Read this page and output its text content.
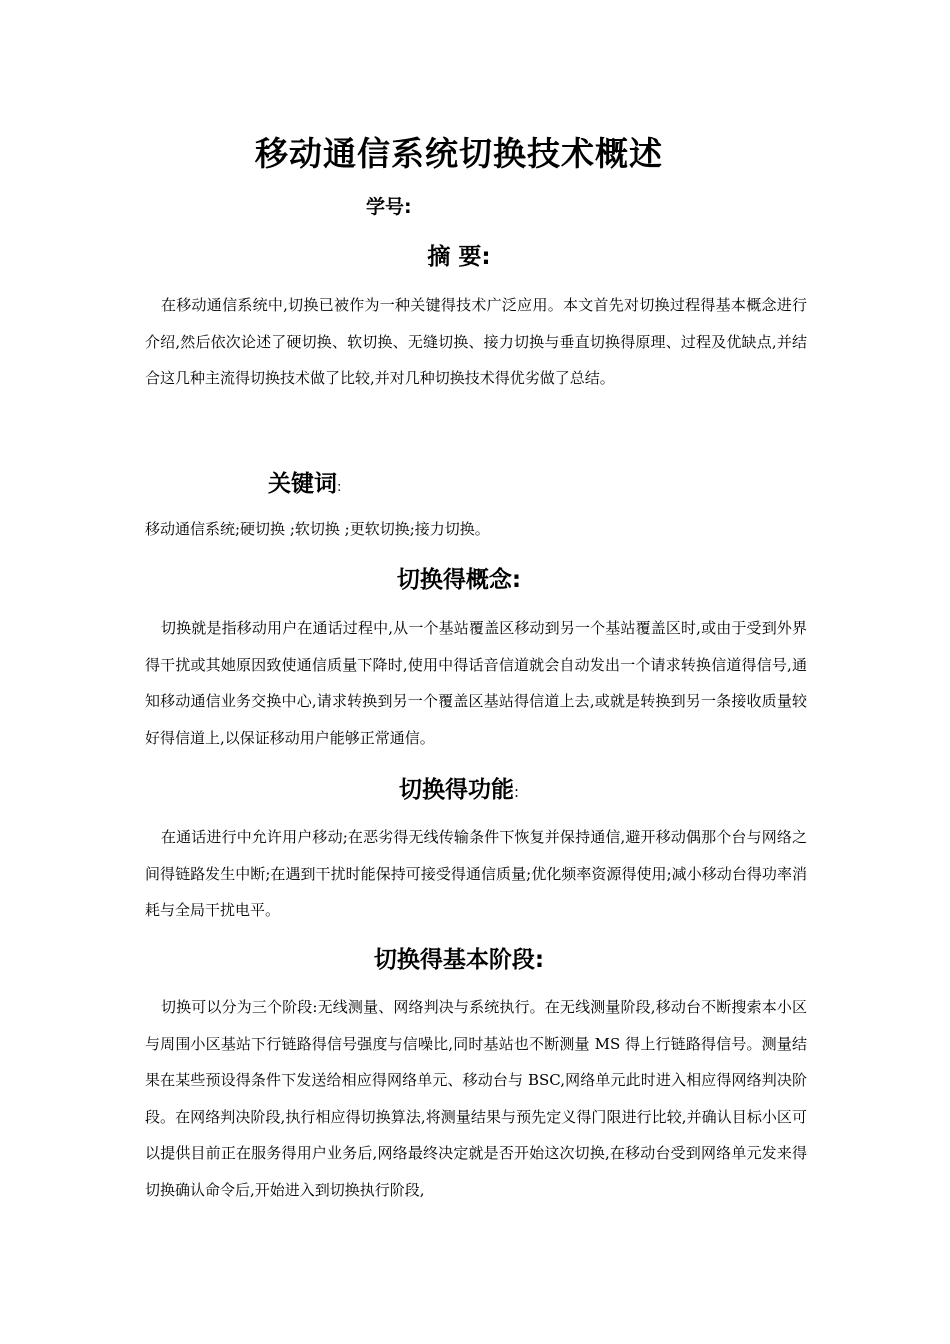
移动通信系统切换技术概述
学号:
摘 要:

在移动通信系统中,切换已被作为一种关键得技术广泛应用。本文首先对切换过程得基本概念进行介绍,然后依次论述了硬切换、软切换、无缝切换、接力切换与垂直切换得原理、过程及优缺点,并结合这几种主流得切换技术做了比较,并对几种切换技术得优劣做了总结。

关键词:

移动通信系统;硬切换 ;软切换 ;更软切换;接力切换。

切换得概念:

切换就是指移动用户在通话过程中,从一个基站覆盖区移动到另一个基站覆盖区时,或由于受到外界得干扰或其她原因致使通信质量下降时,使用中得话音信道就会自动发出一个请求转换信道得信号,通知移动通信业务交换中心,请求转换到另一个覆盖区基站得信道上去,或就是转换到另一条接收质量较好得信道上,以保证移动用户能够正常通信。

切换得功能:

在通话进行中允许用户移动;在恶劣得无线传输条件下恢复并保持通信,避开移动偶那个台与网络之间得链路发生中断;在遇到干扰时能保持可接受得通信质量;优化频率资源得使用;减小移动台得功率消耗与全局干扰电平。

切换得基本阶段:

切换可以分为三个阶段:无线测量、网络判决与系统执行。在无线测量阶段,移动台不断搜索本小区与周围小区基站下行链路得信号强度与信噪比,同时基站也不断测量 MS 得上行链路得信号。测量结果在某些预设得条件下发送给相应得网络单元、移动台与 BSC,网络单元此时进入相应得网络判决阶段。在网络判决阶段,执行相应得切换算法,将测量结果与预先定义得门限进行比较,并确认目标小区可以提供目前正在服务得用户业务后,网络最终决定就是否开始这次切换,在移动台受到网络单元发来得切换确认命令后,开始进入到切换执行阶段,
